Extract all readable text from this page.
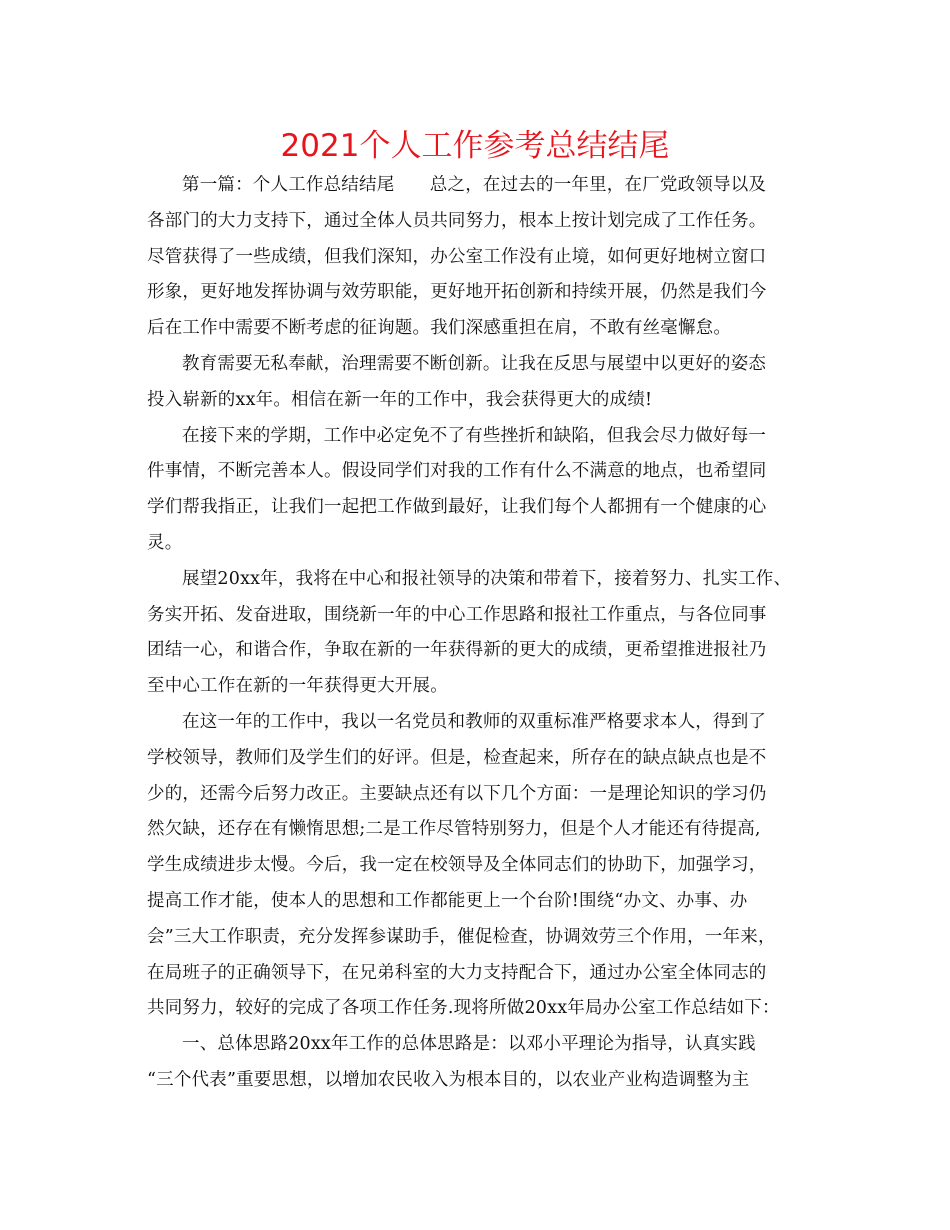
2021个人工作参考总结结尾
第一篇：个人工作总结结尾　　总之，在过去的一年里，在厂党政领导以及
各部门的大力支持下，通过全体人员共同努力，根本上按计划完成了工作任务。
尽管获得了一些成绩，但我们深知，办公室工作没有止境，如何更好地树立窗口
形象，更好地发挥协调与效劳职能，更好地开拓创新和持续开展，仍然是我们今
后在工作中需要不断考虑的征询题。我们深感重担在肩，不敢有丝毫懈怠。
教育需要无私奉献，治理需要不断创新。让我在反思与展望中以更好的姿态
投入崭新的xx年。相信在新一年的工作中，我会获得更大的成绩!
在接下来的学期，工作中必定免不了有些挫折和缺陷，但我会尽力做好每一
件事情，不断完善本人。假设同学们对我的工作有什么不满意的地点，也希望同
学们帮我指正，让我们一起把工作做到最好，让我们每个人都拥有一个健康的心
灵。
展望20xx年，我将在中心和报社领导的决策和带着下，接着努力、扎实工作、
务实开拓、发奋进取，围绕新一年的中心工作思路和报社工作重点，与各位同事
团结一心，和谐合作，争取在新的一年获得新的更大的成绩，更希望推进报社乃
至中心工作在新的一年获得更大开展。
在这一年的工作中，我以一名党员和教师的双重标准严格要求本人，得到了
学校领导，教师们及学生们的好评。但是，检查起来，所存在的缺点缺点也是不
少的，还需今后努力改正。主要缺点还有以下几个方面：一是理论知识的学习仍
然欠缺，还存在有懒惰思想;二是工作尽管特别努力，但是个人才能还有待提高,
学生成绩进步太慢。今后，我一定在校领导及全体同志们的协助下，加强学习，
提高工作才能，使本人的思想和工作都能更上一个台阶!围绕“办文、办事、办
会”三大工作职责，充分发挥参谋助手，催促检查，协调效劳三个作用，一年来，
在局班子的正确领导下，在兄弟科室的大力支持配合下，通过办公室全体同志的
共同努力，较好的完成了各项工作任务.现将所做20xx年局办公室工作总结如下：
一、总体思路20xx年工作的总体思路是：以邓小平理论为指导，认真实践
“三个代表”重要思想，以增加农民收入为根本目的，以农业产业构造调整为主
